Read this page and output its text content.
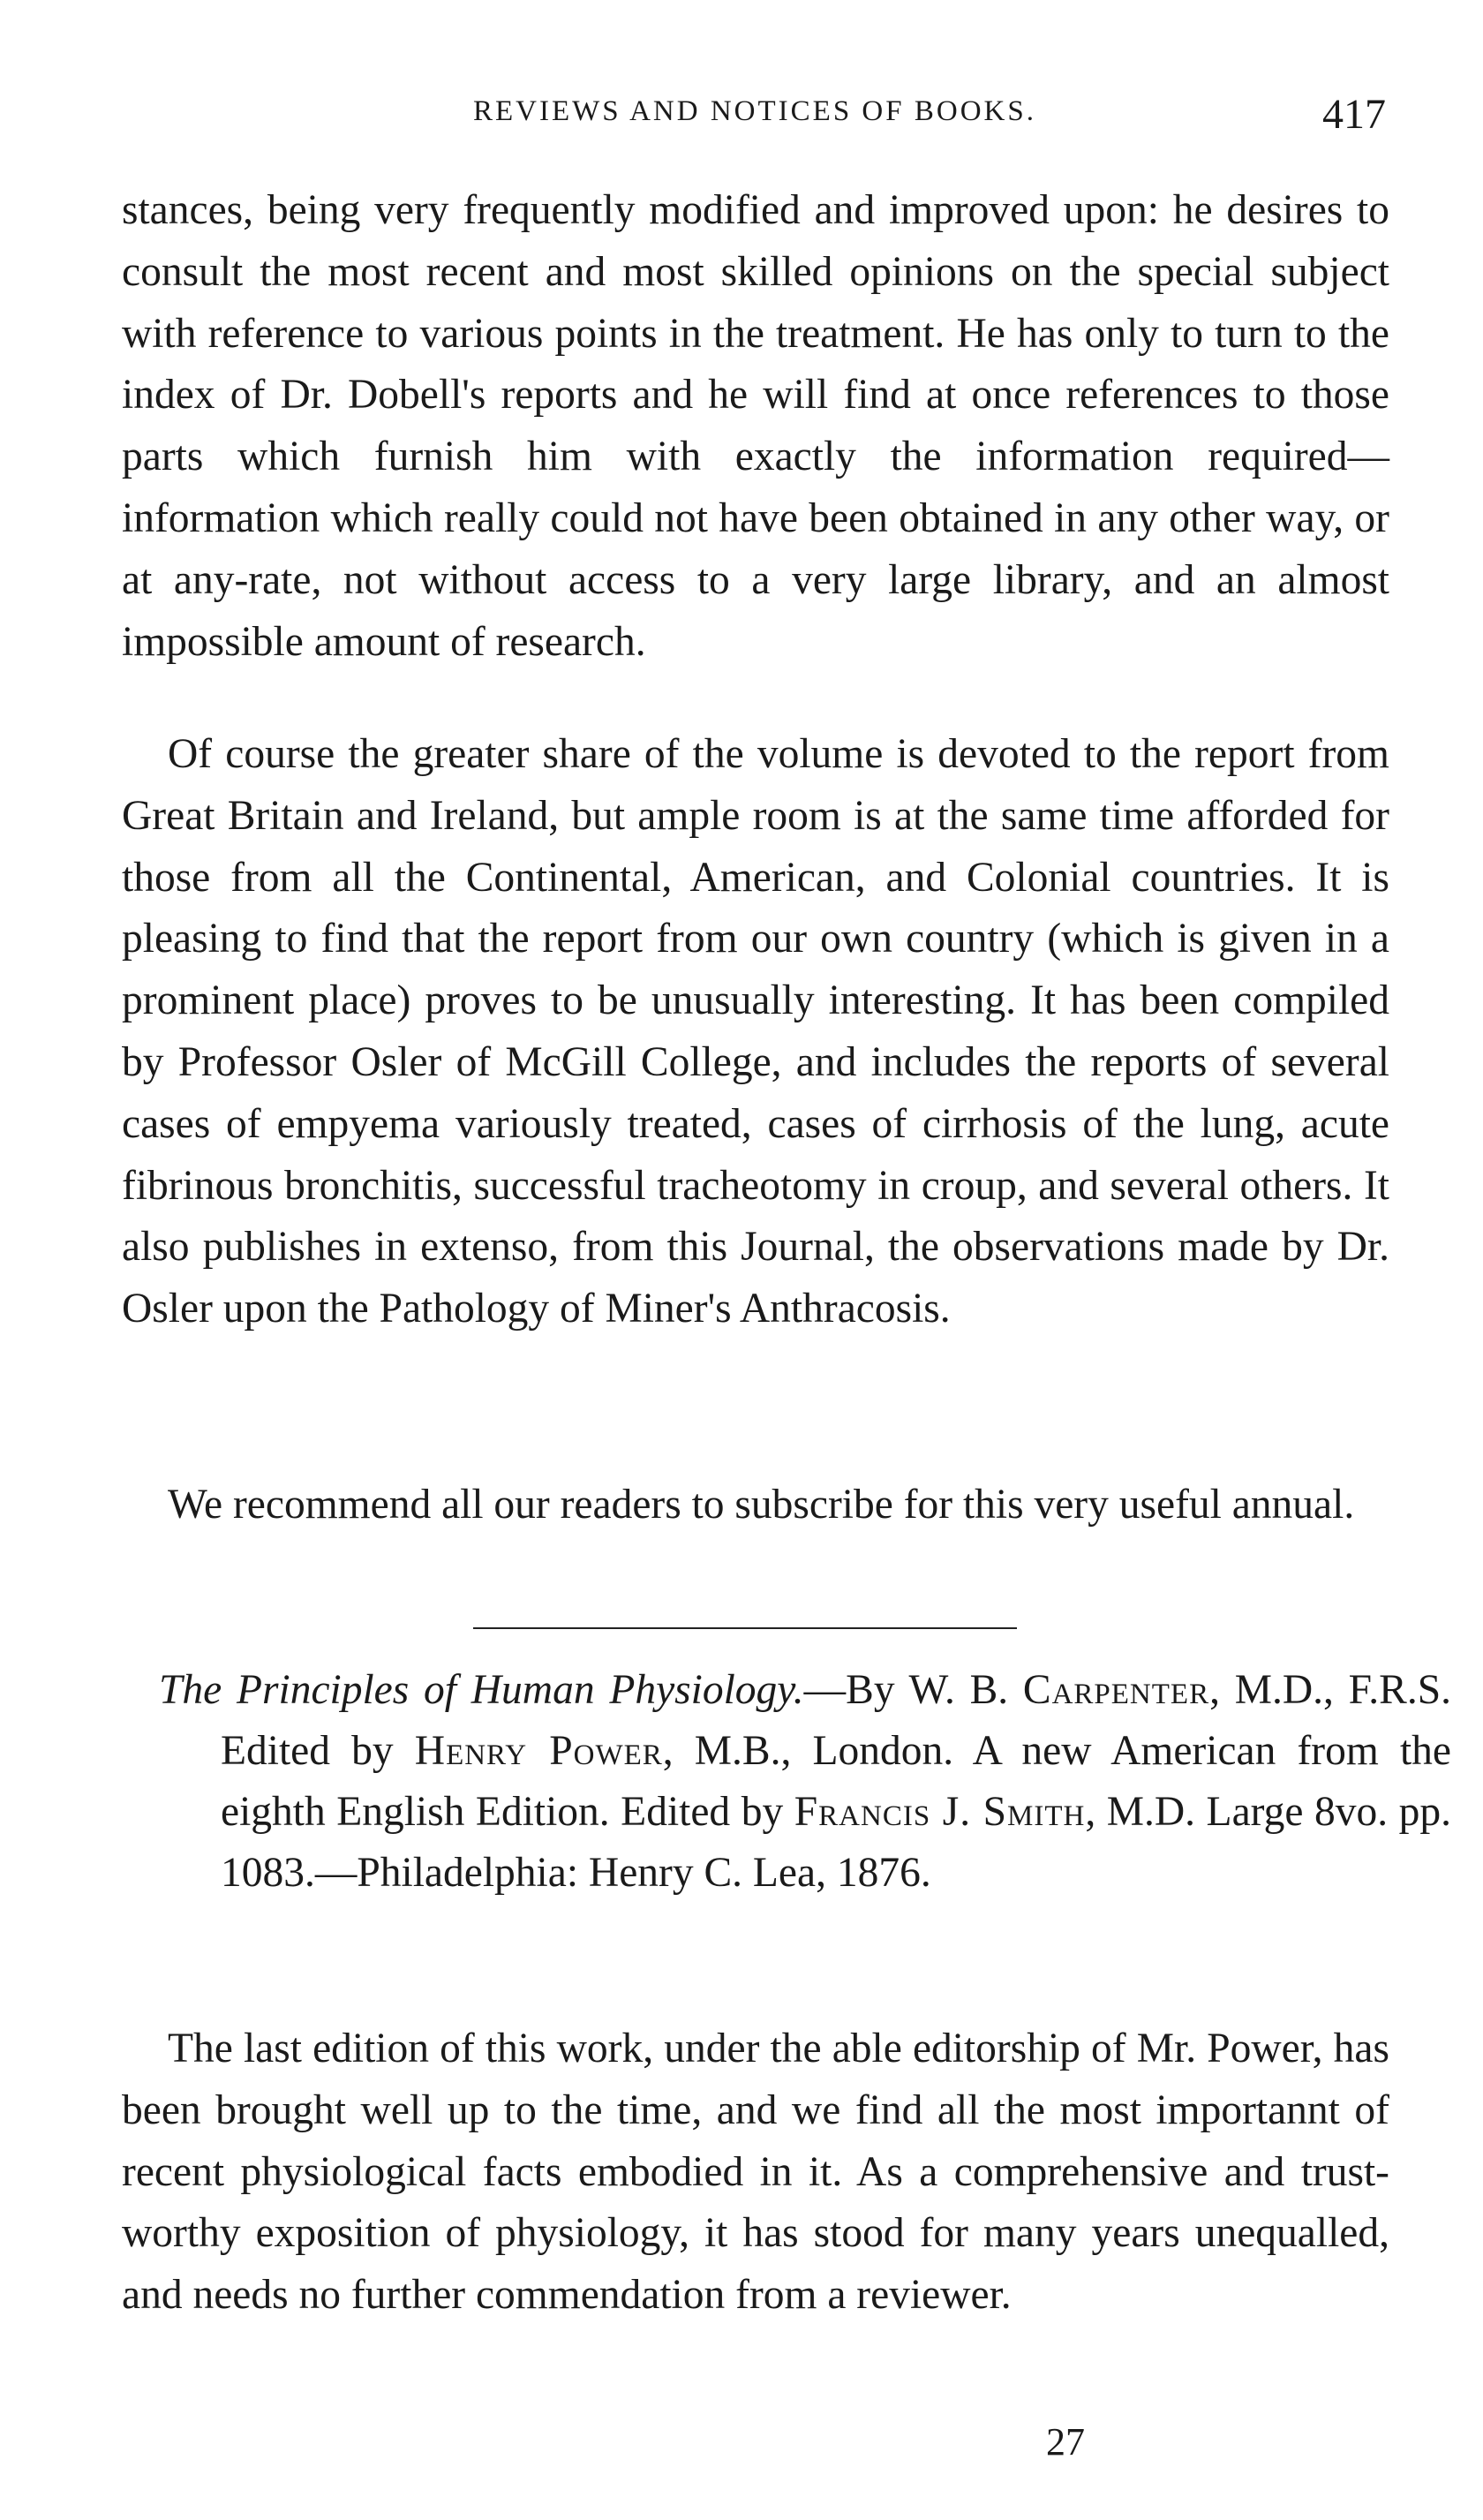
REVIEWS AND NOTICES OF BOOKS.	417

stances, being very frequently modified and improved upon: he desires to consult the most recent and most skilled opinions on the special subject with reference to various points in the treatment. He has only to turn to the index of Dr. Dobell's reports and he will find at once references to those parts which furnish him with exactly the information required—information which really could not have been obtained in any other way, or at any-rate, not without access to a very large library, and an almost impossible amount of research.

Of course the greater share of the volume is devoted to the report from Great Britain and Ireland, but ample room is at the same time afforded for those from all the Continental, American, and Colonial countries. It is pleasing to find that the report from our own country (which is given in a prominent place) proves to be unusually interesting. It has been compiled by Professor Osler of McGill College, and includes the reports of several cases of empyema variously treated, cases of cirrhosis of the lung, acute fibrinous bronchitis, successful tracheotomy in croup, and several others. It also publishes in extenso, from this Journal, the observations made by Dr. Osler upon the Pathology of Miner's Anthracosis.

We recommend all our readers to subscribe for this very useful annual.

The Principles of Human Physiology.—By W. B. Carpenter, M.D., F.R.S. Edited by Henry Power, M.B., London. A new American from the eighth English Edition. Edited by Francis J. Smith, M.D. Large 8vo. pp. 1083.—Philadelphia: Henry C. Lea, 1876.

The last edition of this work, under the able editorship of Mr. Power, has been brought well up to the time, and we find all the most importannt of recent physiological facts embodied in it. As a comprehensive and trust-worthy exposition of physiology, it has stood for many years unequalled, and needs no further commendation from a reviewer.

27
